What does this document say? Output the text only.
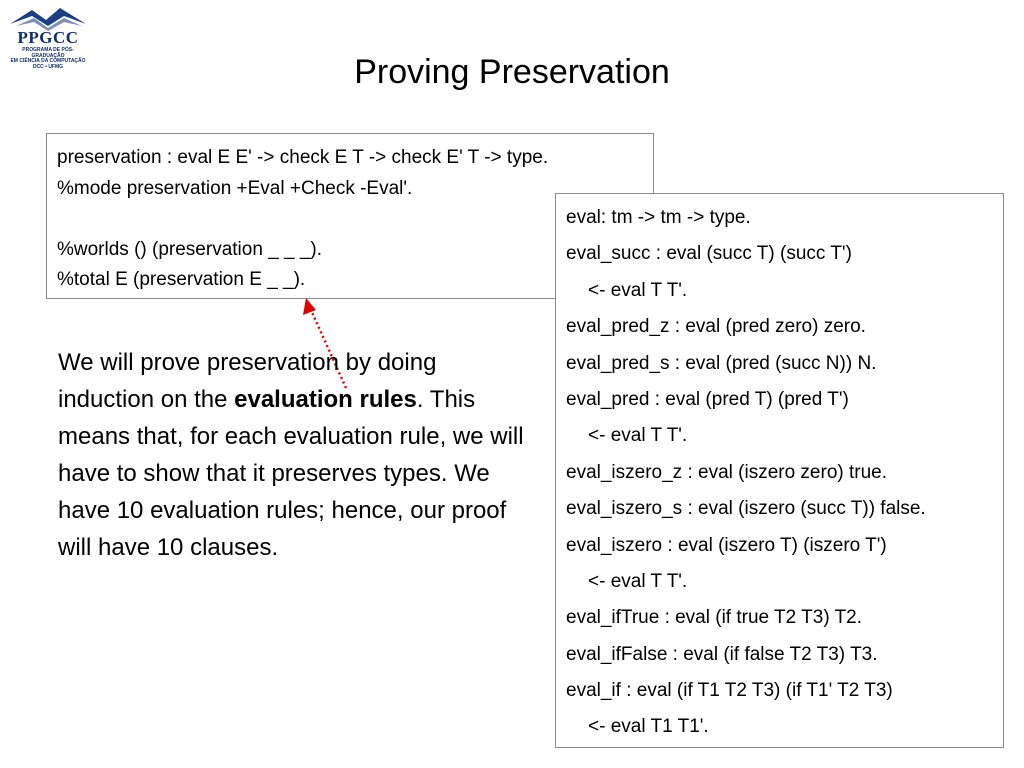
PPGCC
PROGRAMA DE PÓS-GRADUAÇÃO
EM CIÊNCIA DA COMPUTAÇÃO
DCC • UFMG	Proving Preservation
preservation : eval E E' -> check E T -> check E' T -> type.
%mode preservation +Eval +Check -Eval'.
%worlds () (preservation _ _ _).
%total E (preservation E _ _).
eval: tm -> tm -> type.
eval_succ : eval (succ T) (succ T')
<- eval T T'.
eval_pred_z : eval (pred zero) zero.
eval_pred_s : eval (pred (succ N)) N.
eval_pred : eval (pred T) (pred T')
<- eval T T'.
eval_iszero_z : eval (iszero zero) true.
eval_iszero_s : eval (iszero (succ T)) false.
eval_iszero : eval (iszero T) (iszero T')
<- eval T T'.
eval_ifTrue : eval (if true T2 T3) T2.
eval_ifFalse : eval (if false T2 T3) T3.
eval_if : eval (if T1 T2 T3) (if T1' T2 T3)
<- eval T1 T1'.
We will prove preservation by doing induction on the evaluation rules. This means that, for each evaluation rule, we will have to show that it preserves types. We have 10 evaluation rules; hence, our proof will have 10 clauses.
